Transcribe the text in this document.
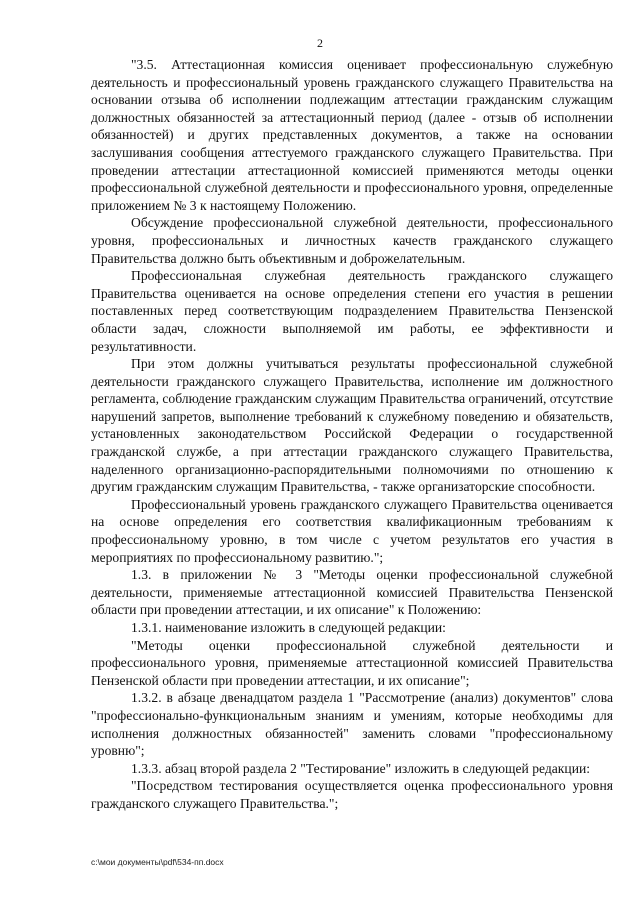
2

"3.5. Аттестационная комиссия оценивает профессиональную служебную деятельность и профессиональный уровень гражданского служащего Правительства на основании отзыва об исполнении подлежащим аттестации гражданским служащим должностных обязанностей за аттестационный период (далее - отзыв об исполнении обязанностей) и других представленных документов, а также на основании заслушивания сообщения аттестуемого гражданского служащего Правительства. При проведении аттестации аттестационной комиссией применяются методы оценки профессиональной служебной деятельности и профессионального уровня, определенные приложением № 3 к настоящему Положению.

Обсуждение профессиональной служебной деятельности, профессионального уровня, профессиональных и личностных качеств гражданского служащего Правительства должно быть объективным и доброжелательным.

Профессиональная служебная деятельность гражданского служащего Правительства оценивается на основе определения степени его участия в решении поставленных перед соответствующим подразделением Правительства Пензенской области задач, сложности выполняемой им работы, ее эффективности и результативности.

При этом должны учитываться результаты профессиональной служебной деятельности гражданского служащего Правительства, исполнение им должностного регламента, соблюдение гражданским служащим Правительства ограничений, отсутствие нарушений запретов, выполнение требований к служебному поведению и обязательств, установленных законодательством Российской Федерации о государственной гражданской службе, а при аттестации гражданского служащего Правительства, наделенного организационно-распорядительными полномочиями по отношению к другим гражданским служащим Правительства, - также организаторские способности.

Профессиональный уровень гражданского служащего Правительства оценивается на основе определения его соответствия квалификационным требованиям к профессиональному уровню, в том числе с учетом результатов его участия в мероприятиях по профессиональному развитию.";

1.3. в приложении № 3 "Методы оценки профессиональной служебной деятельности, применяемые аттестационной комиссией Правительства Пензенской области при проведении аттестации, и их описание" к Положению:

1.3.1. наименование изложить в следующей редакции:

"Методы оценки профессиональной служебной деятельности и профессионального уровня, применяемые аттестационной комиссией Правительства Пензенской области при проведении аттестации, и их описание";

1.3.2. в абзаце двенадцатом раздела 1 "Рассмотрение (анализ) документов" слова "профессионально-функциональным знаниям и умениям, которые необходимы для исполнения должностных обязанностей" заменить словами "профессиональному уровню";

1.3.3. абзац второй раздела 2 "Тестирование" изложить в следующей редакции:

"Посредством тестирования осуществляется оценка профессионального уровня гражданского служащего Правительства.";

c:\мои документы\pdf\534-пп.docx
